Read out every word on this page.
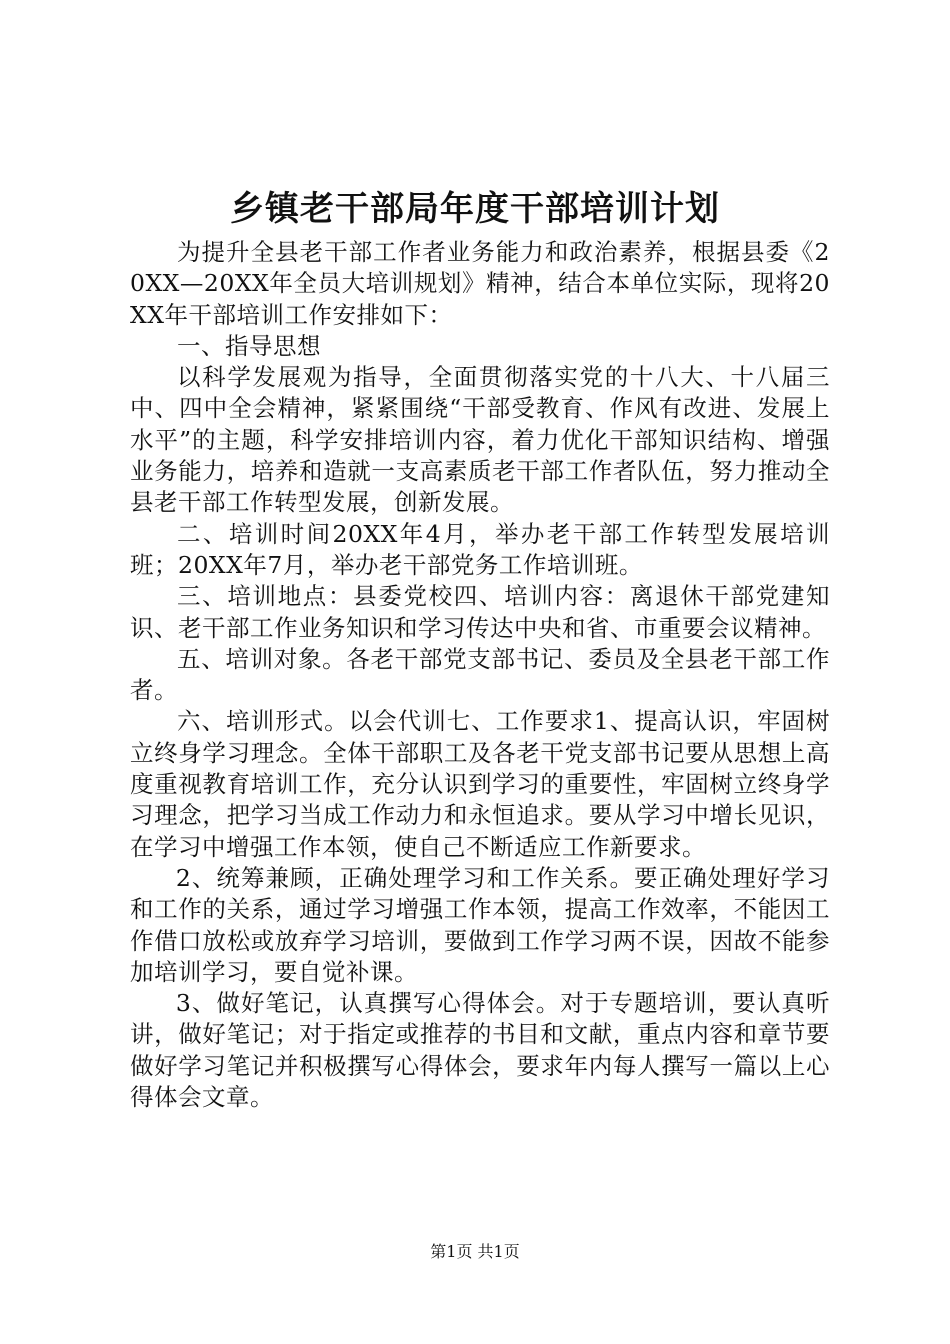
乡镇老干部局年度干部培训计划

为提升全县老干部工作者业务能力和政治素养，根据县委《20XX—20XX年全员大培训规划》精神，结合本单位实际，现将20XX年干部培训工作安排如下：

一、指导思想

以科学发展观为指导，全面贯彻落实党的十八大、十八届三中、四中全会精神，紧紧围绕“干部受教育、作风有改进、发展上水平”的主题，科学安排培训内容，着力优化干部知识结构、增强业务能力，培养和造就一支高素质老干部工作者队伍，努力推动全县老干部工作转型发展，创新发展。

二、培训时间20XX年4月，举办老干部工作转型发展培训班；20XX年7月，举办老干部党务工作培训班。

三、培训地点：县委党校四、培训内容：离退休干部党建知识、老干部工作业务知识和学习传达中央和省、市重要会议精神。

五、培训对象。各老干部党支部书记、委员及全县老干部工作者。

六、培训形式。以会代训七、工作要求1、提高认识，牢固树立终身学习理念。全体干部职工及各老干党支部书记要从思想上高度重视教育培训工作，充分认识到学习的重要性，牢固树立终身学习理念，把学习当成工作动力和永恒追求。要从学习中增长见识，在学习中增强工作本领，使自己不断适应工作新要求。

2、统筹兼顾，正确处理学习和工作关系。要正确处理好学习和工作的关系，通过学习增强工作本领，提高工作效率，不能因工作借口放松或放弃学习培训，要做到工作学习两不误，因故不能参加培训学习，要自觉补课。

3、做好笔记，认真撰写心得体会。对于专题培训，要认真听讲，做好笔记；对于指定或推荐的书目和文献，重点内容和章节要做好学习笔记并积极撰写心得体会，要求年内每人撰写一篇以上心得体会文章。

第1页 共1页
